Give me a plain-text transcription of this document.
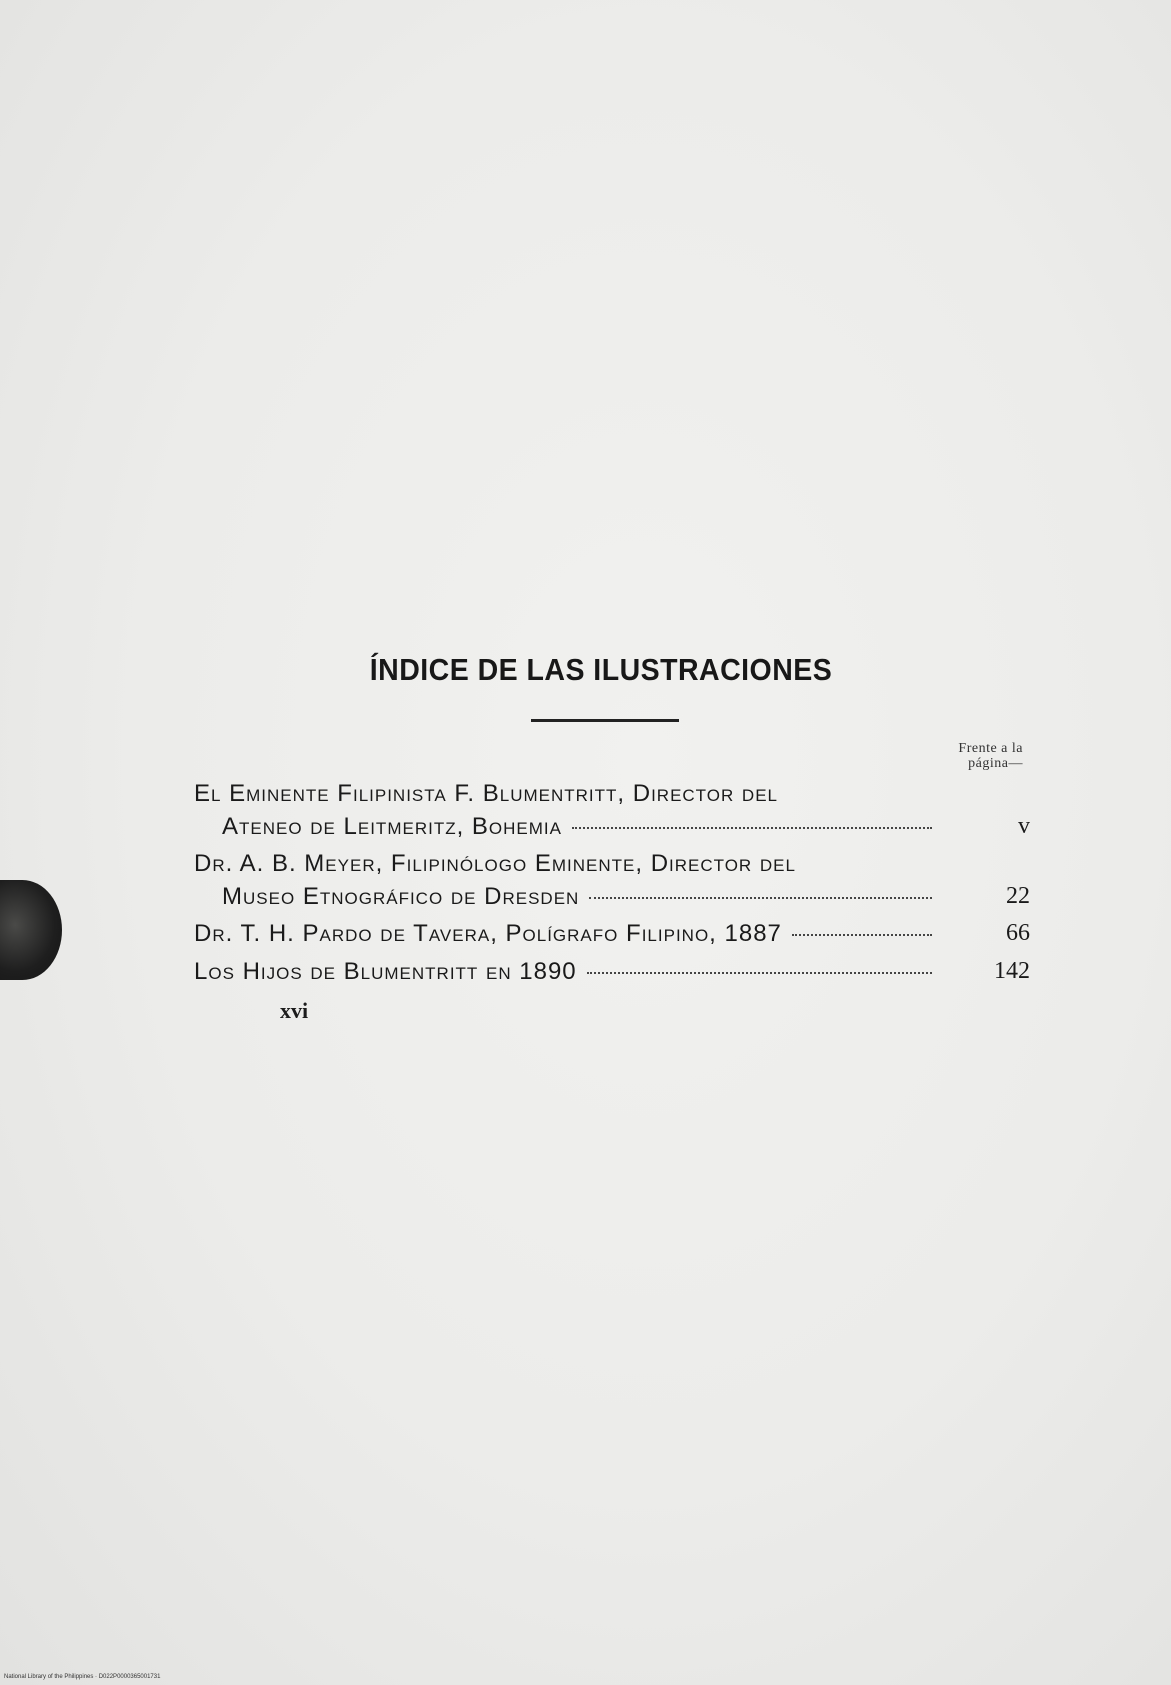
ÍNDICE DE LAS ILUSTRACIONES
Frente a la
página—
El Eminente Filipinista F. Blumentritt, Director del
Ateneo de Leitmeritz, Bohemia	v
Dr. A. B. Meyer, Filipinólogo Eminente, Director del
Museo Etnográfico de Dresden	22
Dr. T. H. Pardo de Tavera, Polígrafo Filipino, 1887	66
Los Hijos de Blumentritt en 1890	142
xvi
National Library of the Philippines · D022P0000365001731
